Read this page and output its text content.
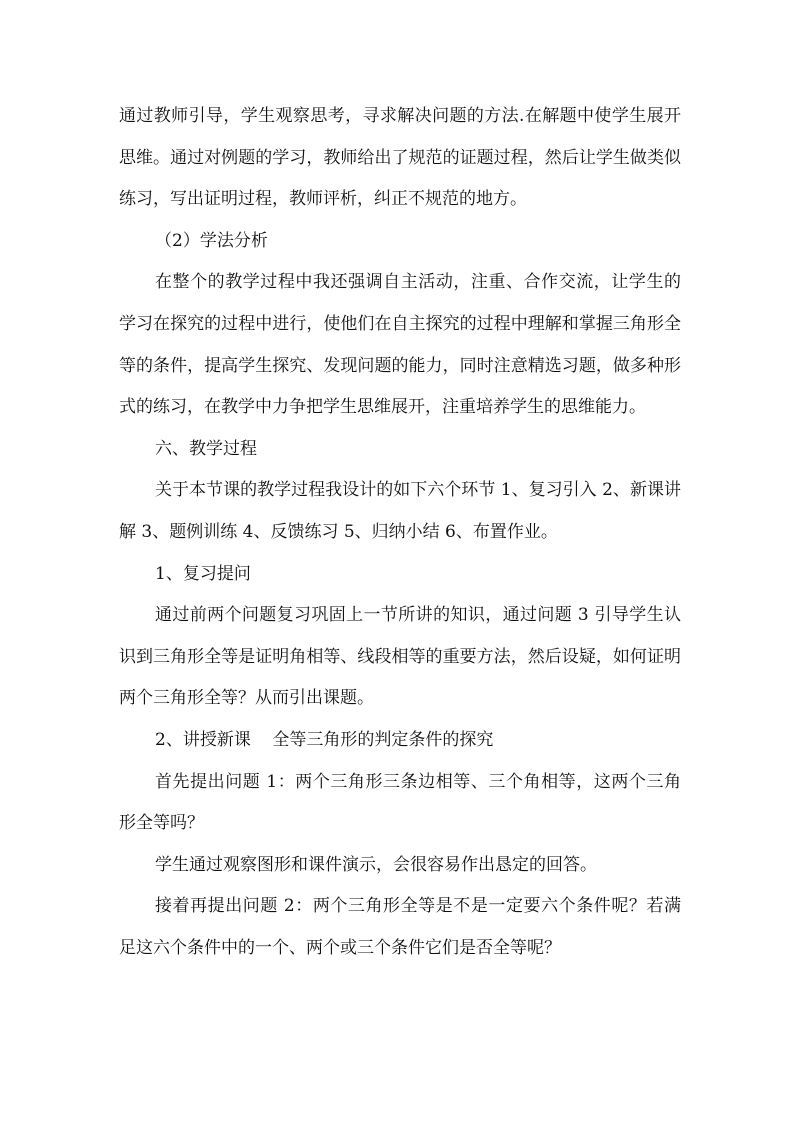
通过教师引导，学生观察思考，寻求解决问题的方法.在解题中使学生展开思维。通过对例题的学习，教师给出了规范的证题过程，然后让学生做类似练习，写出证明过程，教师评析，纠正不规范的地方。

（2）学法分析

在整个的教学过程中我还强调自主活动，注重、合作交流，让学生的学习在探究的过程中进行，使他们在自主探究的过程中理解和掌握三角形全等的条件，提高学生探究、发现问题的能力，同时注意精选习题，做多种形式的练习，在教学中力争把学生思维展开，注重培养学生的思维能力。

六、教学过程

关于本节课的教学过程我设计的如下六个环节 1、复习引入 2、新课讲解 3、题例训练 4、反馈练习 5、归纳小结 6、布置作业。

1、复习提问

通过前两个问题复习巩固上一节所讲的知识，通过问题 3 引导学生认识到三角形全等是证明角相等、线段相等的重要方法，然后设疑，如何证明两个三角形全等？从而引出课题。

2、讲授新课    全等三角形的判定条件的探究

首先提出问题 1：两个三角形三条边相等、三个角相等，这两个三角形全等吗？

学生通过观察图形和课件演示，会很容易作出恳定的回答。

接着再提出问题 2：两个三角形全等是不是一定要六个条件呢？若满足这六个条件中的一个、两个或三个条件它们是否全等呢？
